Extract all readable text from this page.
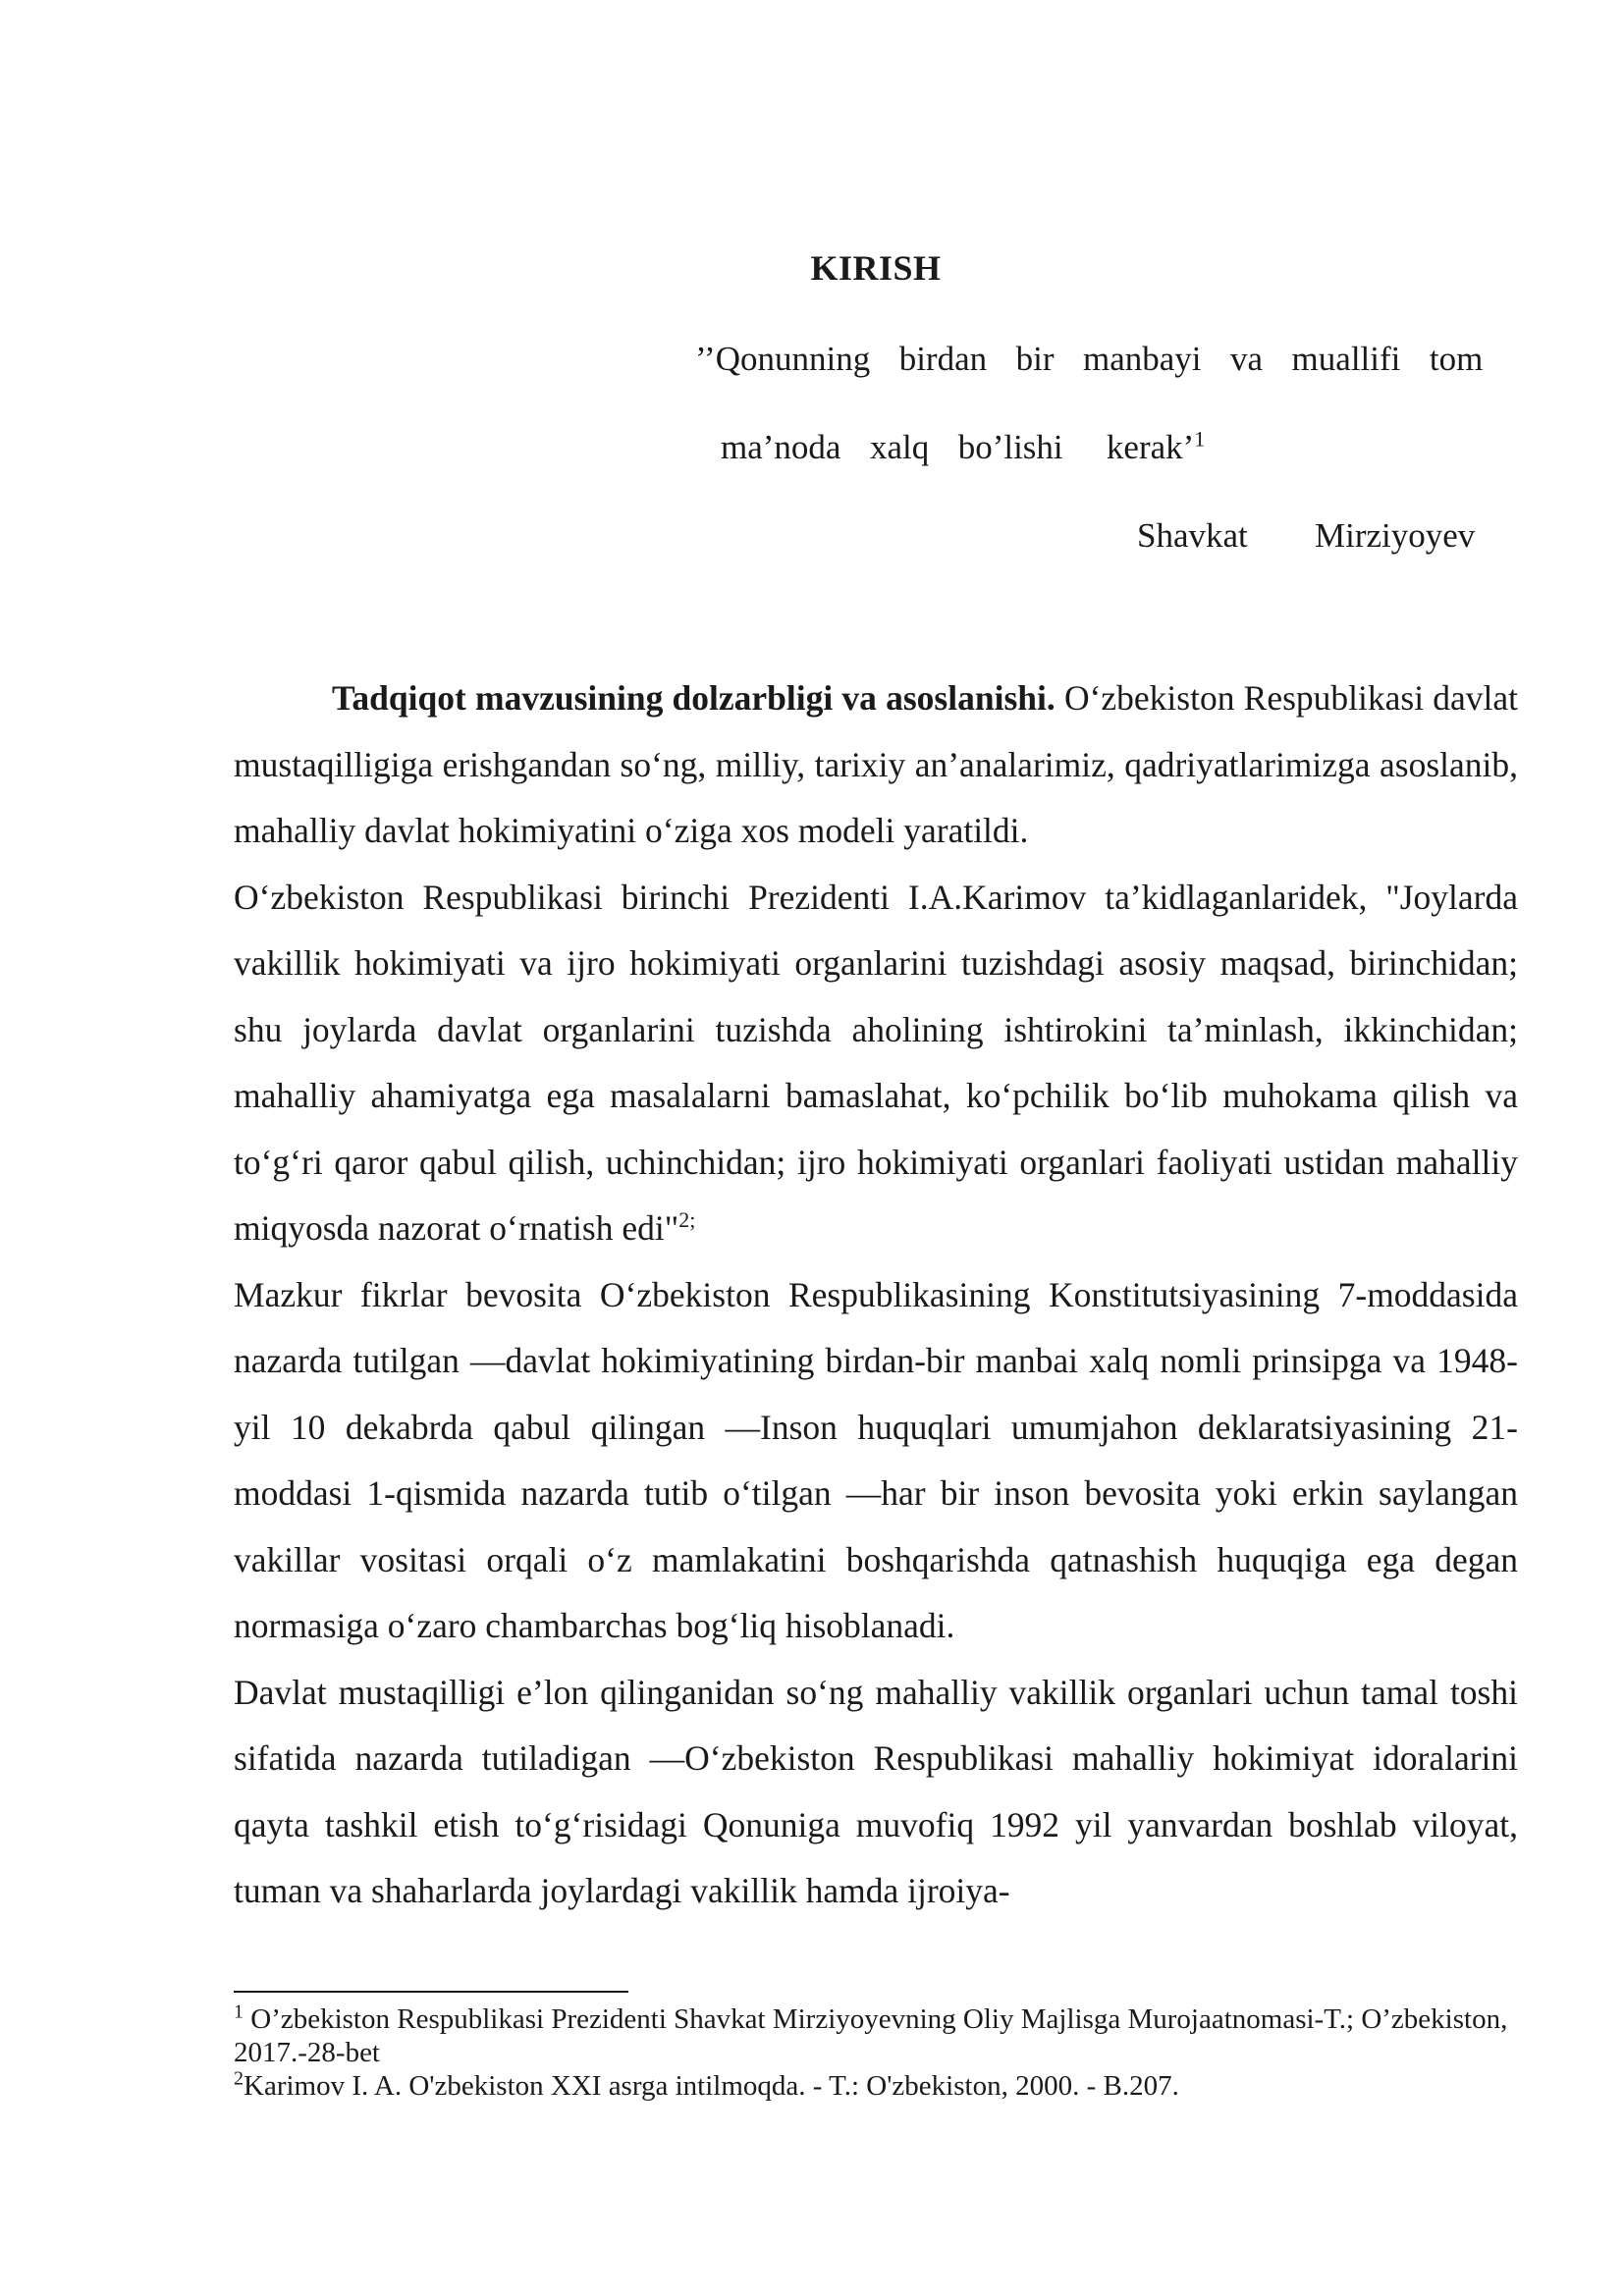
KIRISH
’’Qonunning  birdan  bir  manbayi  va  muallifi  tom
ma’noda  xalq  bo’lishi   kerak’$^1$
Shavkat   Mirziyoyev

Tadqiqot mavzusining dolzarbligi va asoslanishi. O‘zbekiston Respublikasi davlat mustaqilligiga erishgandan so‘ng, milliy, tarixiy an’analarimiz, qadriyatlarimizga asoslanib, mahalliy davlat hokimiyatini o‘ziga xos modeli yaratildi.

O‘zbekiston Respublikasi birinchi Prezidenti I.A.Karimov ta’kidlaganlaridek, "Joylarda vakillik hokimiyati va ijro hokimiyati organlarini tuzishdagi asosiy maqsad, birinchidan; shu joylarda davlat organlarini tuzishda aholining ishtirokini ta’minlash, ikkinchidan; mahalliy ahamiyatga ega masalalarni bamaslahat, ko‘pchilik bo‘lib muhokama qilish va to‘g‘ri qaror qabul qilish, uchinchidan; ijro hokimiyati organlari faoliyati ustidan mahalliy miqyosda nazorat o‘rnatish edi"$^{2;}$

Mazkur fikrlar bevosita O‘zbekiston Respublikasining Konstitutsiyasining 7-moddasida nazarda tutilgan —davlat hokimiyatining birdan-bir manbai xalq nomli prinsipga va 1948-yil 10 dekabrda qabul qilingan —Inson huquqlari umumjahon deklaratsiyasining 21-moddasi 1-qismida nazarda tutib o‘tilgan —har bir inson bevosita yoki erkin saylangan vakillar vositasi orqali o‘z mamlakatini boshqarishda qatnashish huquqiga ega degan normasiga o‘zaro chambarchas bog‘liq hisoblanadi.

Davlat mustaqilligi e’lon qilinganidan so‘ng mahalliy vakillik organlari uchun tamal toshi sifatida nazarda tutiladigan —O‘zbekiston Respublikasi mahalliy hokimiyat idoralarini qayta tashkil etish to‘g‘risidagi Qonuniga muvofiq 1992 yil yanvardan boshlab viloyat, tuman va shaharlarda joylardagi vakillik hamda ijroiya-

$^1$ O’zbekiston Respublikasi Prezidenti Shavkat Mirziyoyevning Oliy Majlisga Murojaatnomasi-T.; O’zbekiston, 2017.-28-bet

$^2$Karimov I. A. O'zbekiston XXI asrga intilmoqda. - T.: O'zbekiston, 2000. - B.207.
